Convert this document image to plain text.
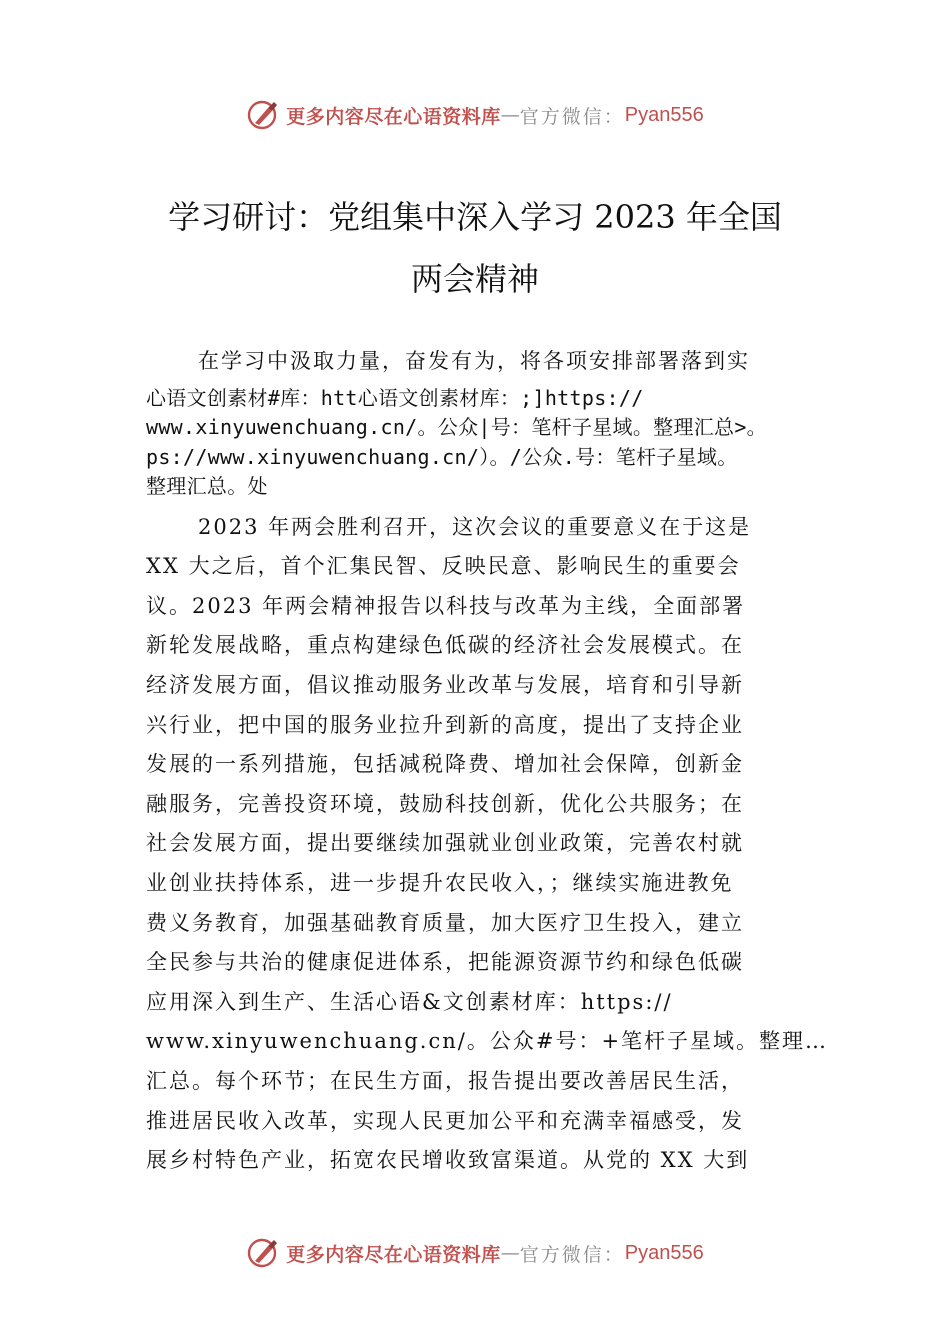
更多内容尽在心语资料库 — 官方微信： Pyan556
学习研讨：党组集中深入学习 2023 年全国
两会精神

在学习中汲取力量，奋发有为，将各项安排部署落到实

心语文创素材#库：htt心语文创素材库：;]https://
www.xinyuwenchuang.cn/。公众|号：笔杆子星域。整理汇总>。
ps://www.xinyuwenchuang.cn/）。/公众.号：笔杆子星域。
整理汇总。处

2023 年两会胜利召开，这次会议的重要意义在于这是
XX 大之后，首个汇集民智、反映民意、影响民生的重要会
议。2023 年两会精神报告以科技与改革为主线，全面部署
新轮发展战略，重点构建绿色低碳的经济社会发展模式。在
经济发展方面，倡议推动服务业改革与发展，培育和引导新
兴行业，把中国的服务业拉升到新的高度，提出了支持企业
发展的一系列措施，包括减税降费、增加社会保障，创新金
融服务，完善投资环境，鼓励科技创新，优化公共服务；在
社会发展方面，提出要继续加强就业创业政策，完善农村就
业创业扶持体系，进一步提升农民收入，；继续实施进教免
费义务教育，加强基础教育质量，加大医疗卫生投入，建立
全民参与共治的健康促进体系，把能源资源节约和绿色低碳
应用深入到生产、生活心语&文创素材库：https://
www.xinyuwenchuang.cn/。公众#号：+笔杆子星域。整理…
汇总。每个环节；在民生方面，报告提出要改善居民生活，
推进居民收入改革，实现人民更加公平和充满幸福感受，发
展乡村特色产业，拓宽农民增收致富渠道。从党的 XX 大到
更多内容尽在心语资料库 — 官方微信： Pyan556
